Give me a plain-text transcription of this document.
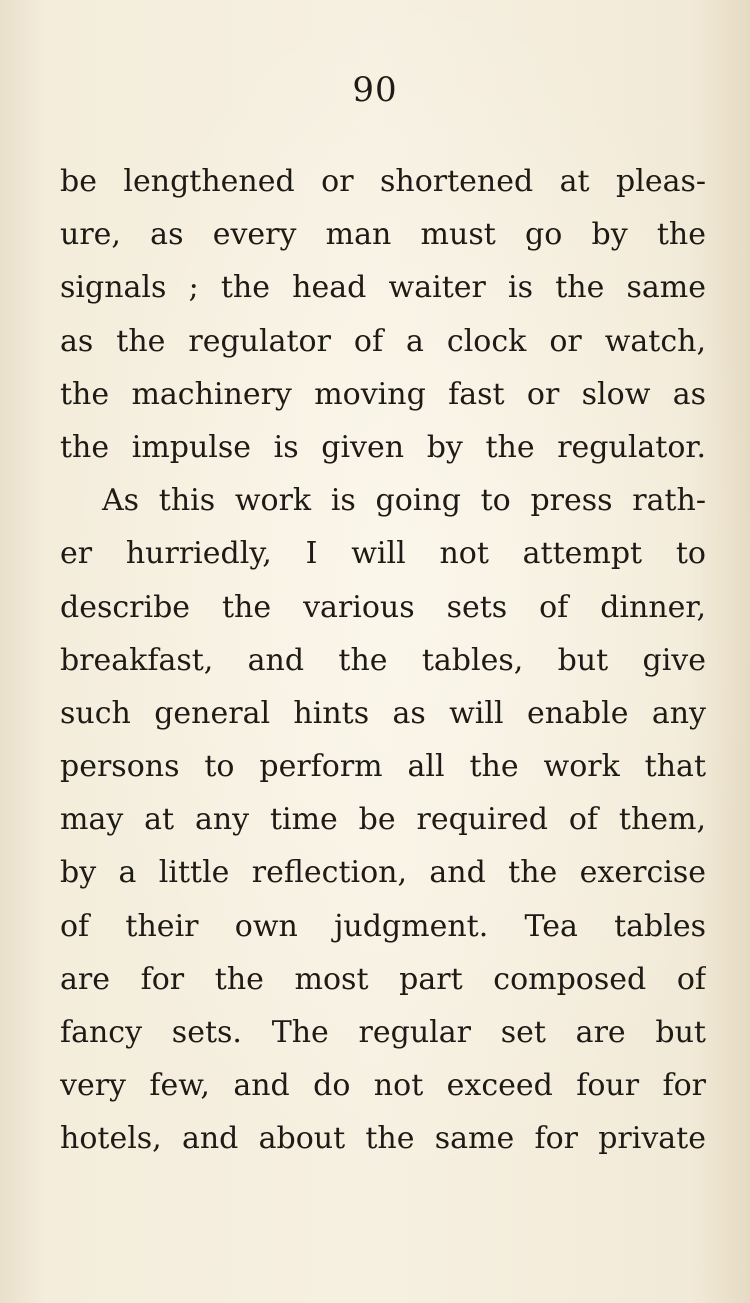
90
be lengthened or shortened at pleas-
ure, as every man must go by the
signals ; the head waiter is the same
as the regulator of a clock or watch,
the machinery moving fast or slow as
the impulse is given by the regulator.
As this work is going to press rath-
er hurriedly, I will not attempt to
describe the various sets of dinner,
breakfast, and the tables, but give
such general hints as will enable any
persons to perform all the work that
may at any time be required of them,
by a little reflection, and the exercise
of their own judgment. Tea tables
are for the most part composed of
fancy sets. The regular set are but
very few, and do not exceed four for
hotels, and about the same for private
